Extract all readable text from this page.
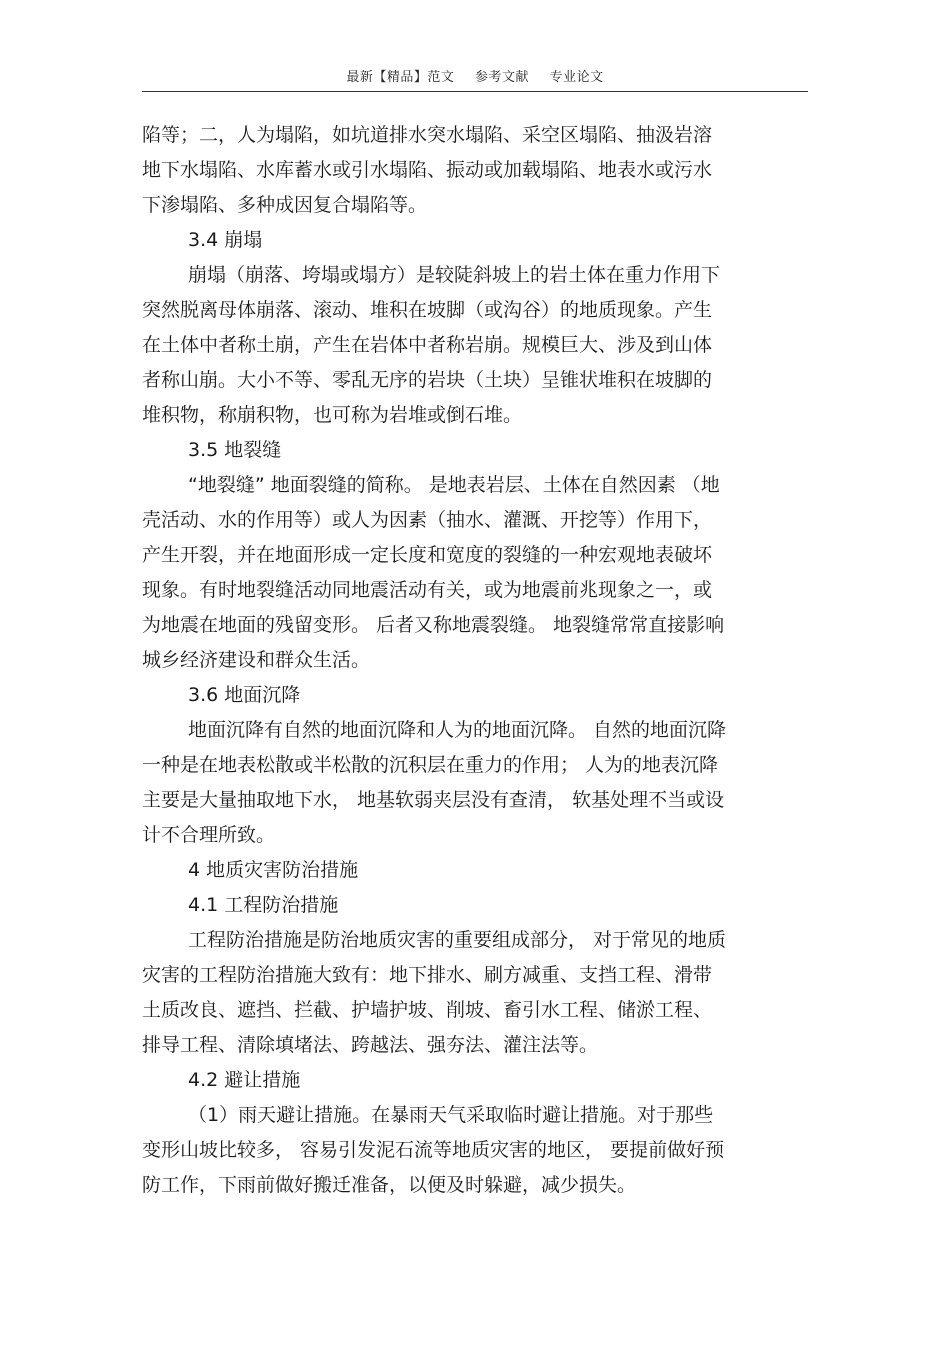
最新【精品】范文 参考文献 专业论文
陷等；二，人为塌陷，如坑道排水突水塌陷、采空区塌陷、抽汲岩溶
地下水塌陷、水库蓄水或引水塌陷、振动或加载塌陷、地表水或污水
下渗塌陷、多种成因复合塌陷等。
3.4 崩塌
崩塌（崩落、垮塌或塌方）是较陡斜坡上的岩土体在重力作用下
突然脱离母体崩落、滚动、堆积在坡脚（或沟谷）的地质现象。产生
在土体中者称土崩，产生在岩体中者称岩崩。规模巨大、涉及到山体
者称山崩。大小不等、零乱无序的岩块（土块）呈锥状堆积在坡脚的
堆积物，称崩积物，也可称为岩堆或倒石堆。
3.5 地裂缝
“地裂缝” 地面裂缝的简称。 是地表岩层、土体在自然因素 （地
壳活动、水的作用等）或人为因素（抽水、灌溉、开挖等）作用下，
产生开裂，并在地面形成一定长度和宽度的裂缝的一种宏观地表破坏
现象。有时地裂缝活动同地震活动有关，或为地震前兆现象之一，或
为地震在地面的残留变形。 后者又称地震裂缝。 地裂缝常常直接影响
城乡经济建设和群众生活。
3.6 地面沉降
地面沉降有自然的地面沉降和人为的地面沉降。 自然的地面沉降
一种是在地表松散或半松散的沉积层在重力的作用； 人为的地表沉降
主要是大量抽取地下水， 地基软弱夹层没有查清， 软基处理不当或设
计不合理所致。
4 地质灾害防治措施
4.1 工程防治措施
工程防治措施是防治地质灾害的重要组成部分， 对于常见的地质
灾害的工程防治措施大致有：地下排水、刷方减重、支挡工程、滑带
土质改良、遮挡、拦截、护墙护坡、削坡、畜引水工程、储淤工程、
排导工程、清除填堵法、跨越法、强夯法、灌注法等。
4.2 避让措施
（1）雨天避让措施。在暴雨天气采取临时避让措施。对于那些
变形山坡比较多， 容易引发泥石流等地质灾害的地区， 要提前做好预
防工作，下雨前做好搬迁准备，以便及时躲避，减少损失。
